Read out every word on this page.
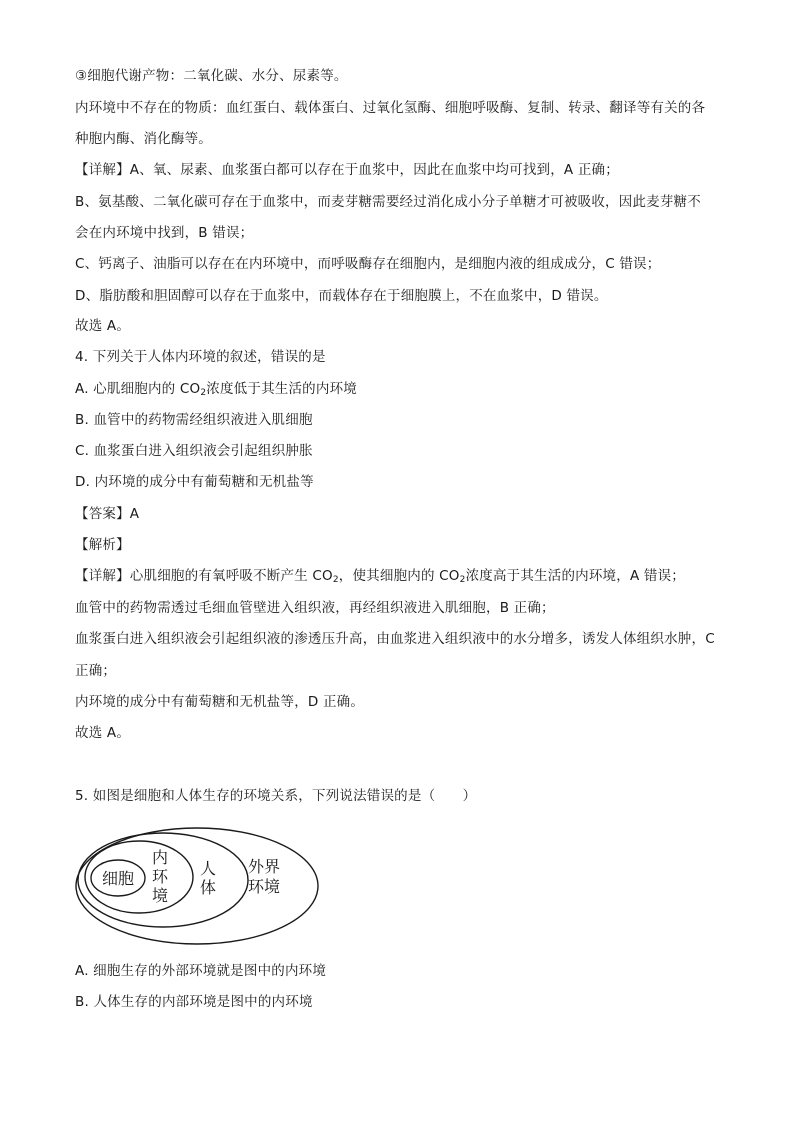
③细胞代谢产物：二氧化碳、水分、尿素等。
内环境中不存在的物质：血红蛋白、载体蛋白、过氧化氢酶、细胞呼吸酶、复制、转录、翻译等有关的各
种胞内酶、消化酶等。
【详解】A、氧、尿素、血浆蛋白都可以存在于血浆中，因此在血浆中均可找到，A 正确；
B、氨基酸、二氧化碳可存在于血浆中，而麦芽糖需要经过消化成小分子单糖才可被吸收，因此麦芽糖不
会在内环境中找到，B 错误；
C、钙离子、油脂可以存在在内环境中，而呼吸酶存在细胞内，是细胞内液的组成成分，C 错误；
D、脂肪酸和胆固醇可以存在于血浆中，而载体存在于细胞膜上，不在血浆中，D 错误。
故选 A。
4. 下列关于人体内环境的叙述，错误的是
A. 心肌细胞内的 $CO_2$浓度低于其生活的内环境
B. 血管中的药物需经组织液进入肌细胞
C. 血浆蛋白进入组织液会引起组织肿胀
D. 内环境的成分中有葡萄糖和无机盐等
【答案】A
【解析】
【详解】心肌细胞的有氧呼吸不断产生 $CO_2$，使其细胞内的 $CO_2$浓度高于其生活的内环境，A 错误；
血管中的药物需透过毛细血管壁进入组织液，再经组织液进入肌细胞，B 正确；
血浆蛋白进入组织液会引起组织液的渗透压升高，由血浆进入组织液中的水分增多，诱发人体组织水肿，C
正确；
内环境的成分中有葡萄糖和无机盐等，D 正确。
故选 A。
5. 如图是细胞和人体生存的环境关系，下列说法错误的是（　　）
细胞
内
环
境
人
体
外界
环境
A. 细胞生存的外部环境就是图中的内环境
B. 人体生存的内部环境是图中的内环境
